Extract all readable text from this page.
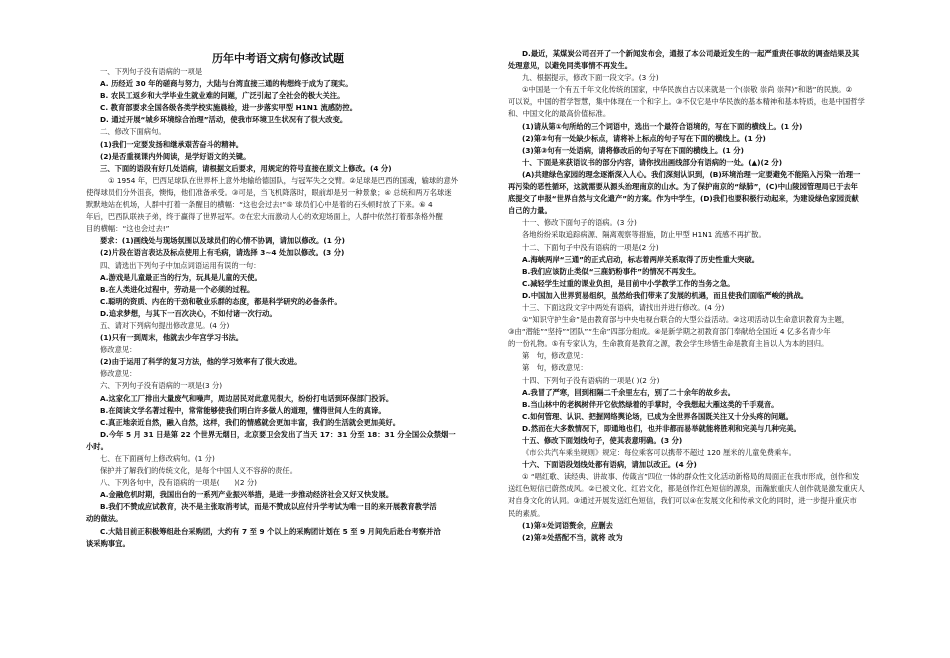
历年中考语文病句修改试题
一、下列句子没有语病的一项是
A. 历经近 30 年的磋商与努力，大陆与台湾直接三通的构想终于成为了现实。
B. 农民工返乡和大学毕业生就业难的问题，广泛引起了全社会的极大关注。
C. 教育部要求全国各级各类学校实施晨检，进一步落实甲型 H1N1 流感防控。
D. 通过开展“城乡环境综合治理”活动，使我市环境卫生状况有了很大改变。
二、修改下面病句。
(1)我们一定要发扬和继承艰苦奋斗的精神。
(2)是否重视课内外阅读，是学好语文的关键。
三、下面的语段有好几处语病，请根据文后要求，用规定的符号直接在原文上修改。(4 分)
① 1954 年，巴西足球队在世界杯上意外地输给德国队，与冠军失之交臂。②足球是巴西的国魂，输球的意外
使得球员们分外沮丧，懊悔，他们准备承受。③可是，当飞机降落时，眼前却是另一种景象；④ 总统和两万名球迷
默默地站在机场，人群中打着一条醒目的横幅：“这也会过去!”⑤ 球员们心中是着的石头顿时放了下来。⑥ 4
年后，巴西队联袂子弟，终于赢得了世界冠军。⑦在宏大而激动人心的欢迎场面上，人群中依然打着那条格外醒
目的横幅：“这也会过去!”
要求：(1)画线处与现场氛围以及球员们的心情不协调，请加以修改。(1 分)
(2)片段在语言表达及标点使用上有毛病，请选择 3~4 处加以修改。(3 分)
四、请选出下列句子中加点词语运用有误的一句：
A.游戏是儿童最正当的行为，玩具是儿童的天使。
B.在人类进化过程中，劳动是一个必须的过程。
C.聪明的资质、内在的干劲和敬业乐群的态度，都是科学研究的必备条件。
D.追求梦想，与其下一百次决心，不如付诸一次行动。
五、请对下列病句提出修改意见。(4 分)
(1)只有一到周末，他就去少年宫学习书法。
修改意见：
(2)由于运用了科学的复习方法，他的学习效率有了很大改进。
修改意见：
六、下列句子没有语病的一项是(3 分)
A.这家化工厂排出大量废气和噪声，周边居民对此意见很大，纷纷打电话到环保部门投诉。
B.在阅读文学名著过程中，常常能够使我们明白许多做人的道理，懂得世间人生的真谛。
C.真正地亲近自然，融入自然，这样，我们的情感就会更加丰富，我们的生活就会更加美好。
D.今年 5 月 31 日是第 22 个世界无烟日，北京要卫会发出了当天 17：31 分至 18：31 分全国公众禁烟一
小时。
七、在下面画句上修改病句。(1 分)
保护并了解我们的传统文化，是每个中国人义不容辞的责任。
八、下列各句中，没有语病的一项是(　　)(2 分)
A.金融危机时期，我国出台的一系列产业振兴举措，是进一步推动经济社会又好又快发展。
B.我们不赞成应试教育，决不是主张取消考试，而是不赞成以应付升学考试为唯一目的来开展教育教学活
动的做法。
C.大陆目前正积极筹组赴台采购团，大约有 7 至 9 个以上的采购团计划在 5 至 9 月间先后赴台考察并洽
谈采购事宜。
D.最近，某煤炭公司召开了一个新闻发布会，通报了本公司最近发生的一起严重责任事故的调查结果及其
处理意见，以避免同类事情不再发生。
九、根据提示，修改下面一段文字。(3 分)
①中国是一个有五千年文化传统的国家，中华民族自古以来就是一个(崇敬 崇尚 崇拜)“和谐”的民族。②
可以说，中国的哲学智慧，集中体现在一个和字上。③不仅它是中华民族的基本精神和基本特质，也是中国哲学
和、中国文化的最高价值标准。
(1)请从第①句所给的三个词语中，选出一个最符合语境的，写在下面的横线上。(1 分)
(2)第②句有一处缺少标点，请将补上标点的句子写在下面的横线上。(1 分)
(3)第③句有一处语病，请将修改后的句子写在下面的横线上。(1 分)
十、下面是来获语议书的部分内容，请你找出画线部分有语病的一处。(▲)(2 分)
(A)共建绿色家园的理念逐渐深入人心。我们深刻认识到，(B)环境治理一定要避免不能陷入污染一治理一
再污染的恶性循环，这就需要从源头治理南京的山水。为了保护南京的“绿肺”，(C)中山陵园管理局已于去年
底提交了申报“世界自然与文化遗产”的方案。作为中学生，(D)我们也要积极行动起来，为建设绿色家园贡献
自己的力量。
十一、修改下面句子的语病。(3 分)
各地纷纷采取追踪病源、隔离观察等措施，防止甲型 H1N1 流感不再扩散。
十二、下面句子中没有语病的一项是(2 分)
A.海峡两岸“三通”的正式启动，标志着两岸关系取得了历史性重大突破。
B.我们应该防止类似“三鹿奶粉事件”的情况不再发生。
C.减轻学生过重的课业负担，是目前中小学教学工作的当务之急。
D.中国加入世界贸易组织，虽然给我们带来了发展的机遇，而且使我们面临严峻的挑战。
十三、下面这段文字中两处有语病，请找出并进行修改。(4 分)
①“知识守护生命”是由教育部与中央电视台联合的大型公益活动。②这项活动以生命意识教育为主题，
③由“潜能”“坚持”“团队”“生命”四部分组成。④是新学期之初教育部门奉献给全国近 4 亿多名青少年
的一份礼物。⑤有专家认为，生命教育是教育之源，教会学生珍惜生命是教育主旨以人为本的回归。
第　句，修改意见：
第　句，修改意见：
十四、下列句子没有语病的一项是( )(2 分)
A.我冒了严寒，回到相隔二千余里左右，别了二十余年的故乡去。
B.当山林中的老枫树伴开它依然绿着的手掌时，令我想起大雁这类的千手观音。
C.如何管理、认识、把握网络舆论场，已成为全世界各国既关注又十分头疼的问题。
D.然而在大多数情况下，即通地也们，也并非都而易举就能将胜利和完美与几种完美。
十五、修改下面划线句子，使其表意明确。(3 分)
《市公共汽车乘坐规则》规定：每位乘客可以携带不超过 120 厘米的儿童免费乘车。
十六、下面语段划线处都有语病，请加以改正。(4 分)
① “唱红歌、读经典、讲故事、传箴言”四位一体的群众性文化活动新格局的局面正在我市形成，创作和发
送红色短信已蔚然成风。②已被文化、红岩文化，都是创作红色短信的源泉，而瀚旅重庆人创作就是激发重庆人
对自身文化的认同。③通过开展发送红色短信，我们可以④在发展文化和传承文化的同时，进一步提升重庆市
民的素质。
(1)第①处词语赘余，应删去
(2)第②处搭配不当，就将 改为
